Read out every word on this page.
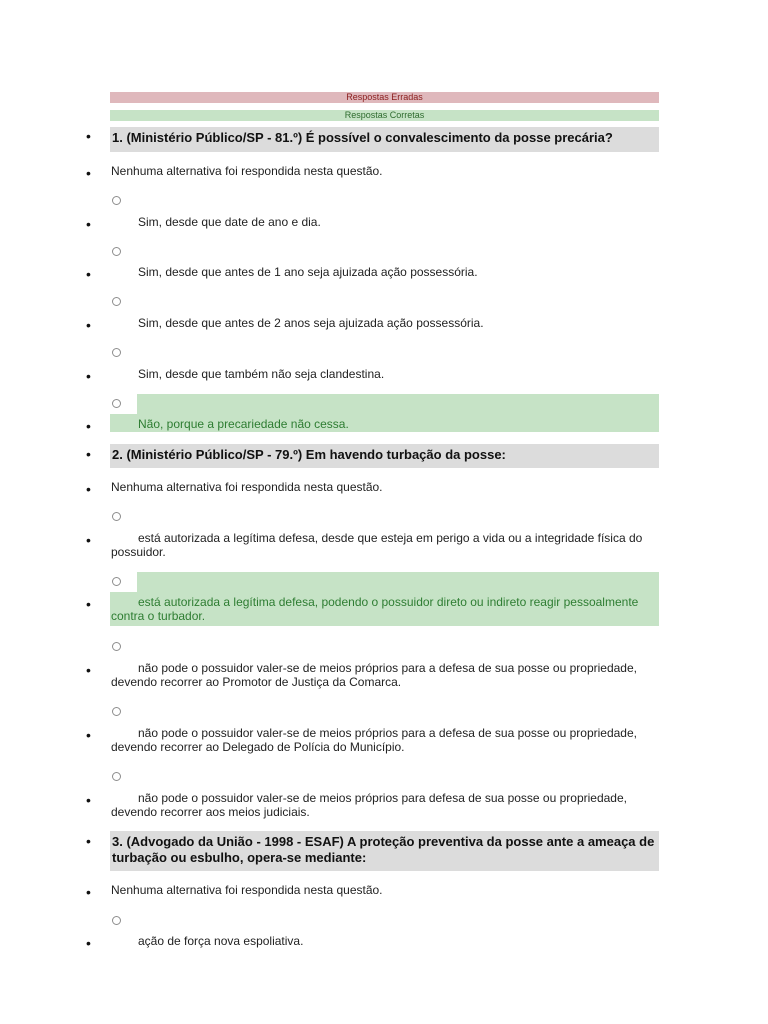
Respostas Erradas
Respostas Corretas
• 1. (Ministério Público/SP - 81.º) É possível o convalescimento da posse precária?
• Nenhuma alternativa foi respondida nesta questão.
•	Sim, desde que date de ano e dia.
•	Sim, desde que antes de 1 ano seja ajuizada ação possessória.
•	Sim, desde que antes de 2 anos seja ajuizada ação possessória.
•	Sim, desde que também não seja clandestina.
•	Não, porque a precariedade não cessa.
• 2. (Ministério Público/SP - 79.º) Em havendo turbação da posse:
• Nenhuma alternativa foi respondida nesta questão.
•	está autorizada a legítima defesa, desde que esteja em perigo a vida ou a integridade física do possuidor.
•	está autorizada a legítima defesa, podendo o possuidor direto ou indireto reagir pessoalmente contra o turbador.
•	não pode o possuidor valer-se de meios próprios para a defesa de sua posse ou propriedade, devendo recorrer ao Promotor de Justiça da Comarca.
•	não pode o possuidor valer-se de meios próprios para a defesa de sua posse ou propriedade, devendo recorrer ao Delegado de Polícia do Município.
•	não pode o possuidor valer-se de meios próprios para defesa de sua posse ou propriedade, devendo recorrer aos meios judiciais.
• 3. (Advogado da União - 1998 - ESAF) A proteção preventiva da posse ante a ameaça de turbação ou esbulho, opera-se mediante:
• Nenhuma alternativa foi respondida nesta questão.
•	ação de força nova espoliativa.
